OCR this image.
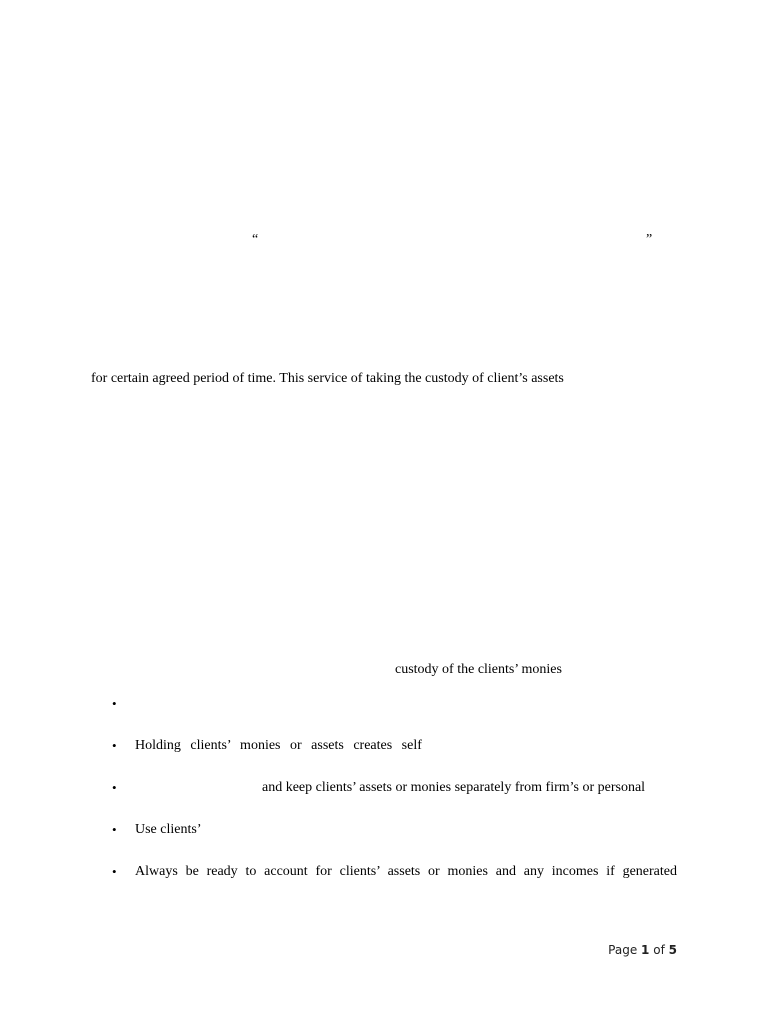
“	”
for certain agreed period of time. This service of taking the custody of client’s assets
custody of the clients’ monies
•
• Holding clients’ monies or assets creates self
•	and keep clients’ assets or monies separately from firm’s or personal
• Use clients’
• Always be ready to account for clients’ assets or monies and any incomes if generated
Page 1 of 5
